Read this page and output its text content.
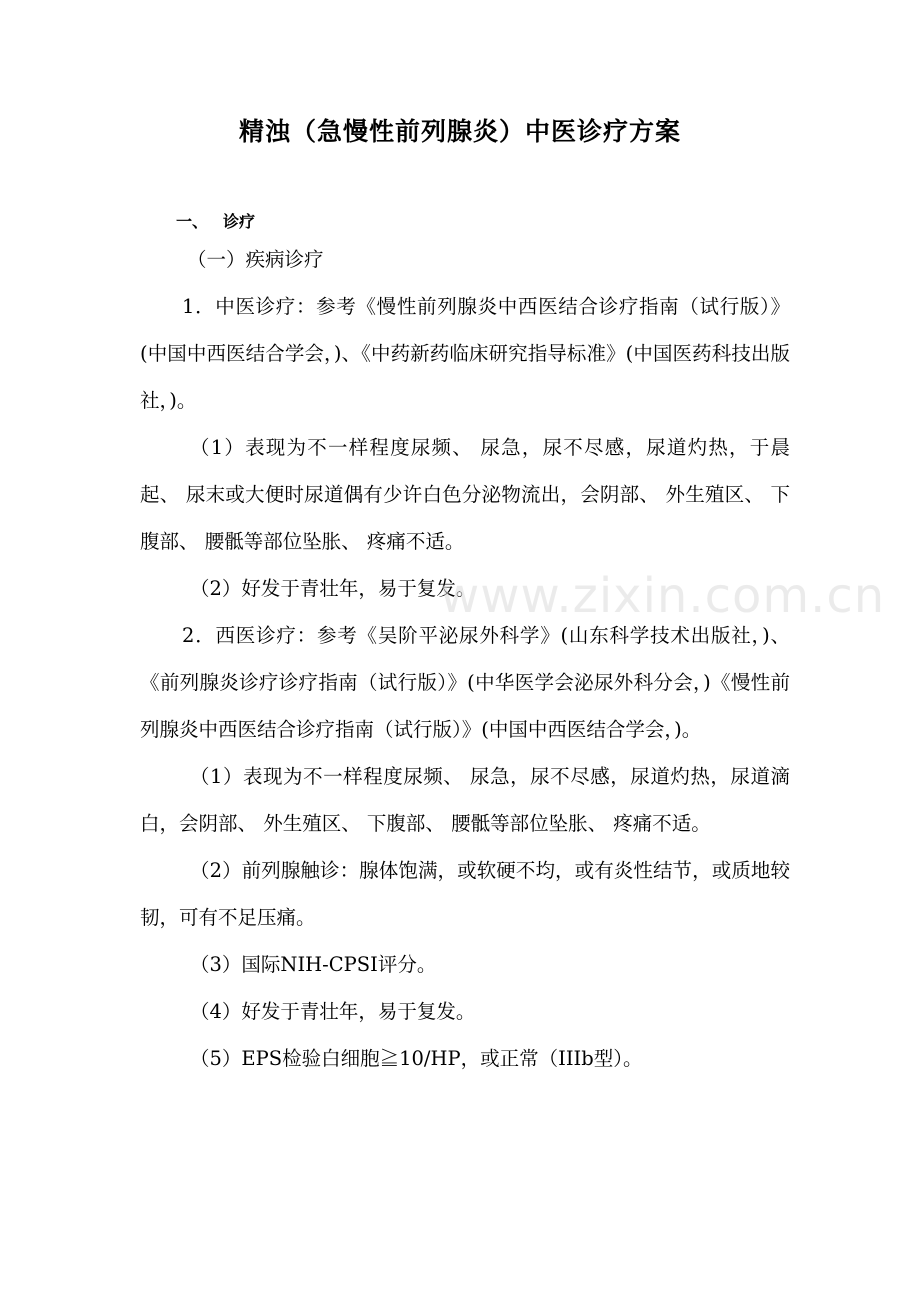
精浊（急慢性前列腺炎）中医诊疗方案
一、 诊疗

（一）疾病诊疗

1．中医诊疗：参考《慢性前列腺炎中西医结合诊疗指南（试行版）》(中国中西医结合学会，)、《中药新药临床研究指导标准》(中国医药科技出版社，)。

（1）表现为不一样程度尿频、 尿急，尿不尽感，尿道灼热，于晨起、 尿末或大便时尿道偶有少许白色分泌物流出，会阴部、 外生殖区、 下腹部、 腰骶等部位坠胀、 疼痛不适。

（2）好发于青壮年，易于复发。

2．西医诊疗：参考《吴阶平泌尿外科学》(山东科学技术出版社，)、 《前列腺炎诊疗诊疗指南（试行版）》(中华医学会泌尿外科分会，)《慢性前列腺炎中西医结合诊疗指南（试行版）》(中国中西医结合学会，)。

（1）表现为不一样程度尿频、 尿急，尿不尽感，尿道灼热，尿道滴白，会阴部、 外生殖区、 下腹部、 腰骶等部位坠胀、 疼痛不适。

（2）前列腺触诊：腺体饱满，或软硬不均，或有炎性结节，或质地较韧，可有不足压痛。

（3）国际NIH-CPSI评分。

（4）好发于青壮年，易于复发。

（5）EPS检验白细胞≧10/HP，或正常（IIIb型）。

www.zixin.com.cn
